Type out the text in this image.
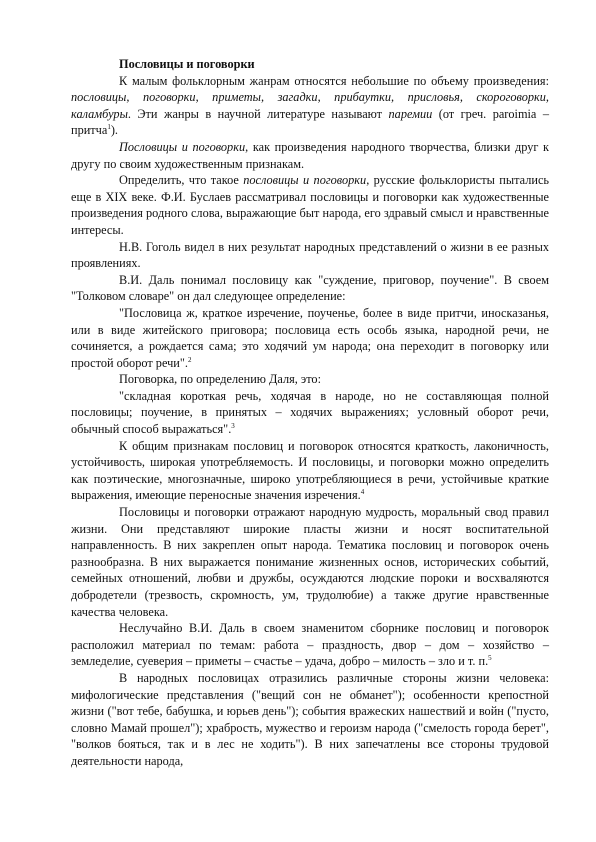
Пословицы и поговорки

К малым фольклорным жанрам относятся небольшие по объему произведения: пословицы, поговорки, приметы, загадки, прибаутки, присловья, скороговорки, каламбуры. Эти жанры в научной литературе называют паремии (от греч. paroimia – притча$^1$).

Пословицы и поговорки, как произведения народного творчества, близки друг к другу по своим художественным признакам.

Определить, что такое пословицы и поговорки, русские фольклористы пытались еще в XIX веке. Ф.И. Буслаев рассматривал пословицы и поговорки как художественные произведения родного слова, выражающие быт народа, его здравый смысл и нравственные интересы.

Н.В. Гоголь видел в них результат народных представлений о жизни в ее разных проявлениях.

В.И. Даль понимал пословицу как "суждение, приговор, поучение". В своем "Толковом словаре" он дал следующее определение:

"Пословица ж, краткое изречение, поученье, более в виде притчи, иносказанья, или в виде житейского приговора; пословица есть особь языка, народной речи, не сочиняется, а рождается сама; это ходячий ум народа; она переходит в поговорку или простой оборот речи".$^2$

Поговорка, по определению Даля, это:

"складная короткая речь, ходячая в народе, но не составляющая полной пословицы; поучение, в принятых – ходячих выражениях; условный оборот речи, обычный способ выражаться".$^3$

К общим признакам пословиц и поговорок относятся краткость, лаконичность, устойчивость, широкая употребляемость. И пословицы, и поговорки можно определить как поэтические, многозначные, широко употребляющиеся в речи, устойчивые краткие выражения, имеющие переносные значения изречения.$^4$

Пословицы и поговорки отражают народную мудрость, моральный свод правил жизни. Они представляют широкие пласты жизни и носят воспитательной направленность. В них закреплен опыт народа. Тематика пословиц и поговорок очень разнообразна. В них выражается понимание жизненных основ, исторических событий, семейных отношений, любви и дружбы, осуждаются людские пороки и восхваляются добродетели (трезвость, скромность, ум, трудолюбие) а также другие нравственные качества человека.

Неслучайно В.И. Даль в своем знаменитом сборнике пословиц и поговорок расположил материал по темам: работа – праздность, двор – дом – хозяйство – земледелие, суеверия – приметы – счастье – удача, добро – милость – зло и т. п.$^5$

В народных пословицах отразились различные стороны жизни человека: мифологические представления ("вещий сон не обманет"); особенности крепостной жизни ("вот тебе, бабушка, и юрьев день"); события вражеских нашествий и войн ("пусто, словно Мамай прошел"); храбрость, мужество и героизм народа ("смелость города берет", "волков бояться, так и в лес не ходить"). В них запечатлены все стороны трудовой деятельности народа,
